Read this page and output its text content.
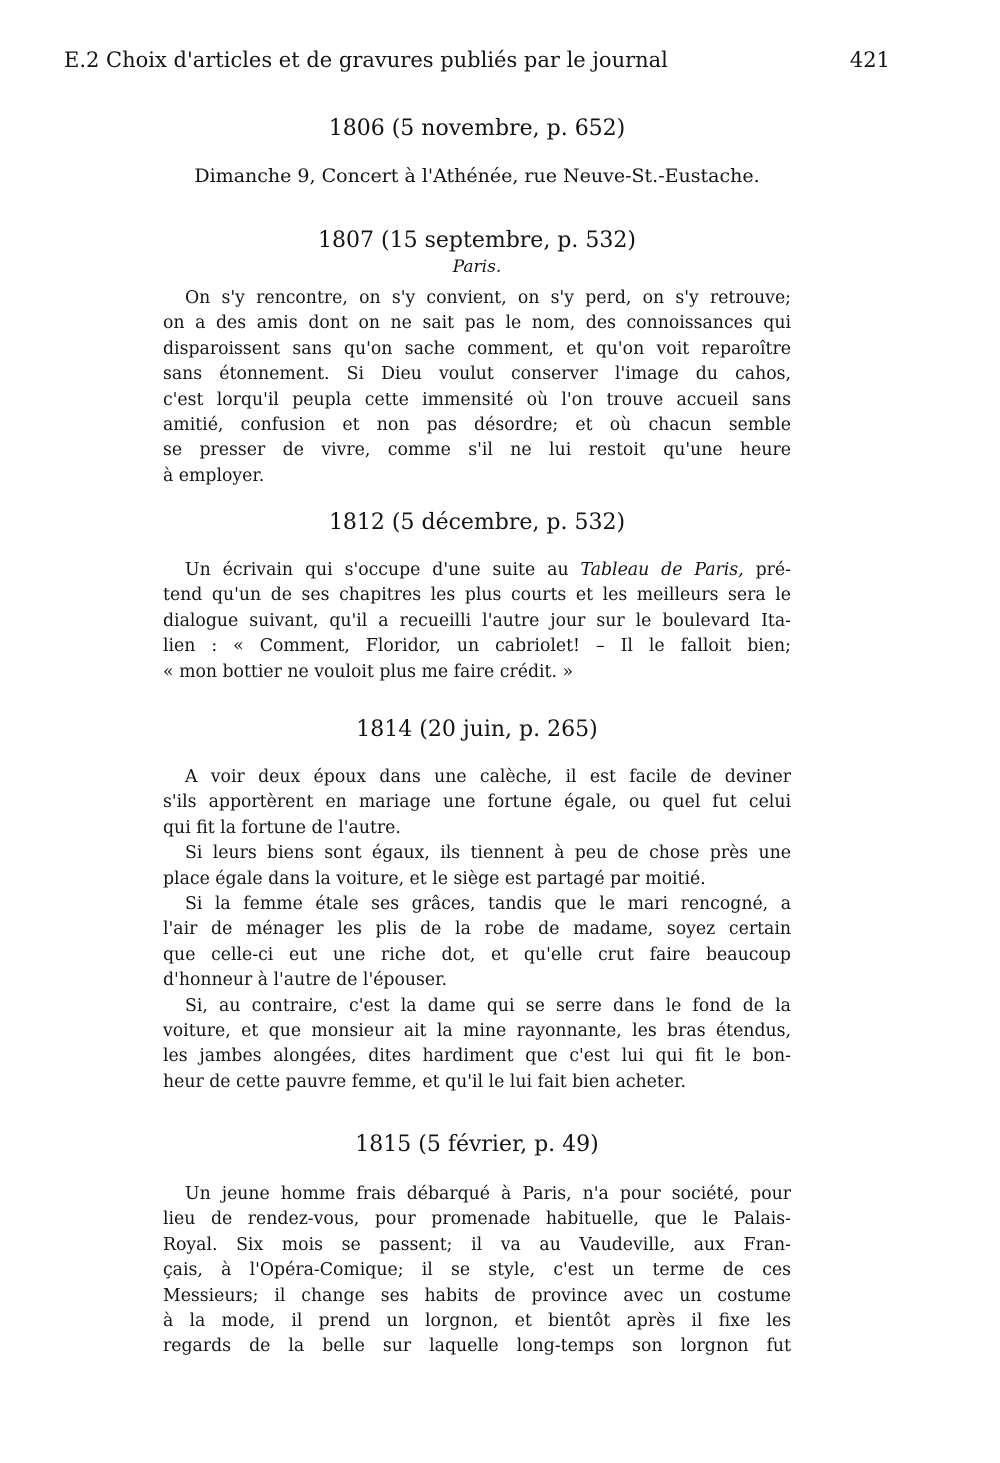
E.2 Choix d'articles et de gravures publiés par le journal	421
1806 (5 novembre, p. 652)
Dimanche 9, Concert à l'Athénée, rue Neuve-St.-Eustache.
1807 (15 septembre, p. 532)
Paris.
On s'y rencontre, on s'y convient, on s'y perd, on s'y retrouve;
on a des amis dont on ne sait pas le nom, des connoissances qui
disparoissent sans qu'on sache comment, et qu'on voit reparoître
sans étonnement. Si Dieu voulut conserver l'image du cahos,
c'est lorqu'il peupla cette immensité où l'on trouve accueil sans
amitié, confusion et non pas désordre; et où chacun semble
se presser de vivre, comme s'il ne lui restoit qu'une heure
à employer.
1812 (5 décembre, p. 532)
Un écrivain qui s'occupe d'une suite au Tableau de Paris, pré-
tend qu'un de ses chapitres les plus courts et les meilleurs sera le
dialogue suivant, qu'il a recueilli l'autre jour sur le boulevard Ita-
lien : « Comment, Floridor, un cabriolet! – Il le falloit bien;
« mon bottier ne vouloit plus me faire crédit. »
1814 (20 juin, p. 265)
A voir deux époux dans une calèche, il est facile de deviner
s'ils apportèrent en mariage une fortune égale, ou quel fut celui
qui fit la fortune de l'autre.
Si leurs biens sont égaux, ils tiennent à peu de chose près une
place égale dans la voiture, et le siège est partagé par moitié.
Si la femme étale ses grâces, tandis que le mari rencogné, a
l'air de ménager les plis de la robe de madame, soyez certain
que celle-ci eut une riche dot, et qu'elle crut faire beaucoup
d'honneur à l'autre de l'épouser.
Si, au contraire, c'est la dame qui se serre dans le fond de la
voiture, et que monsieur ait la mine rayonnante, les bras étendus,
les jambes alongées, dites hardiment que c'est lui qui fit le bon-
heur de cette pauvre femme, et qu'il le lui fait bien acheter.
1815 (5 février, p. 49)
Un jeune homme frais débarqué à Paris, n'a pour société, pour
lieu de rendez-vous, pour promenade habituelle, que le Palais-
Royal. Six mois se passent; il va au Vaudeville, aux Fran-
çais, à l'Opéra-Comique; il se style, c'est un terme de ces
Messieurs; il change ses habits de province avec un costume
à la mode, il prend un lorgnon, et bientôt après il fixe les
regards de la belle sur laquelle long-temps son lorgnon fut
